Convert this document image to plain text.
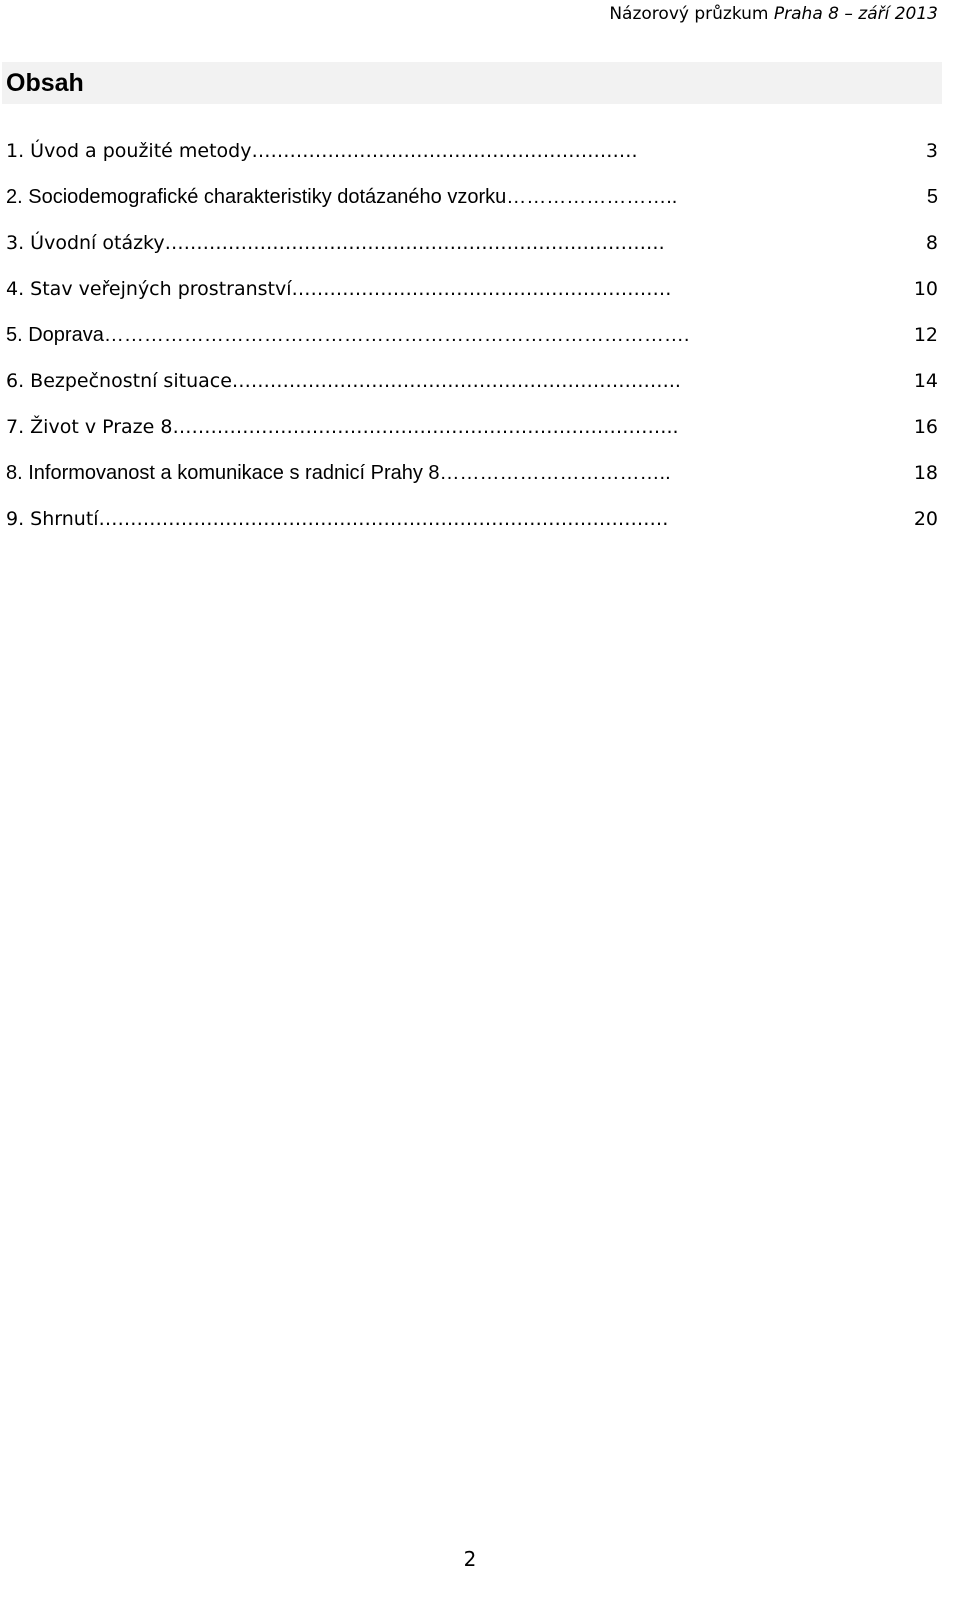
Názorový průzkum Praha 8 – září 2013
Obsah
1. Úvod a použité metody…………………………………………………….	3
2. Sociodemografické charakteristiky dotázaného vzorku……………………..	5
3. Úvodní otázky…………………………………………………………………….	8
4. Stav veřejných prostranství……………………………………………………	10
5. Doprava…………………………………………………………………………….	12
6. Bezpečnostní situace……………………………………………………………..	14
7. Život v Praze 8……………………………………………………………………..	16
8. Informovanost a komunikace s radnicí Prahy 8……………………………..	18
9. Shrnutí………………………………………………………………………………	20
2
